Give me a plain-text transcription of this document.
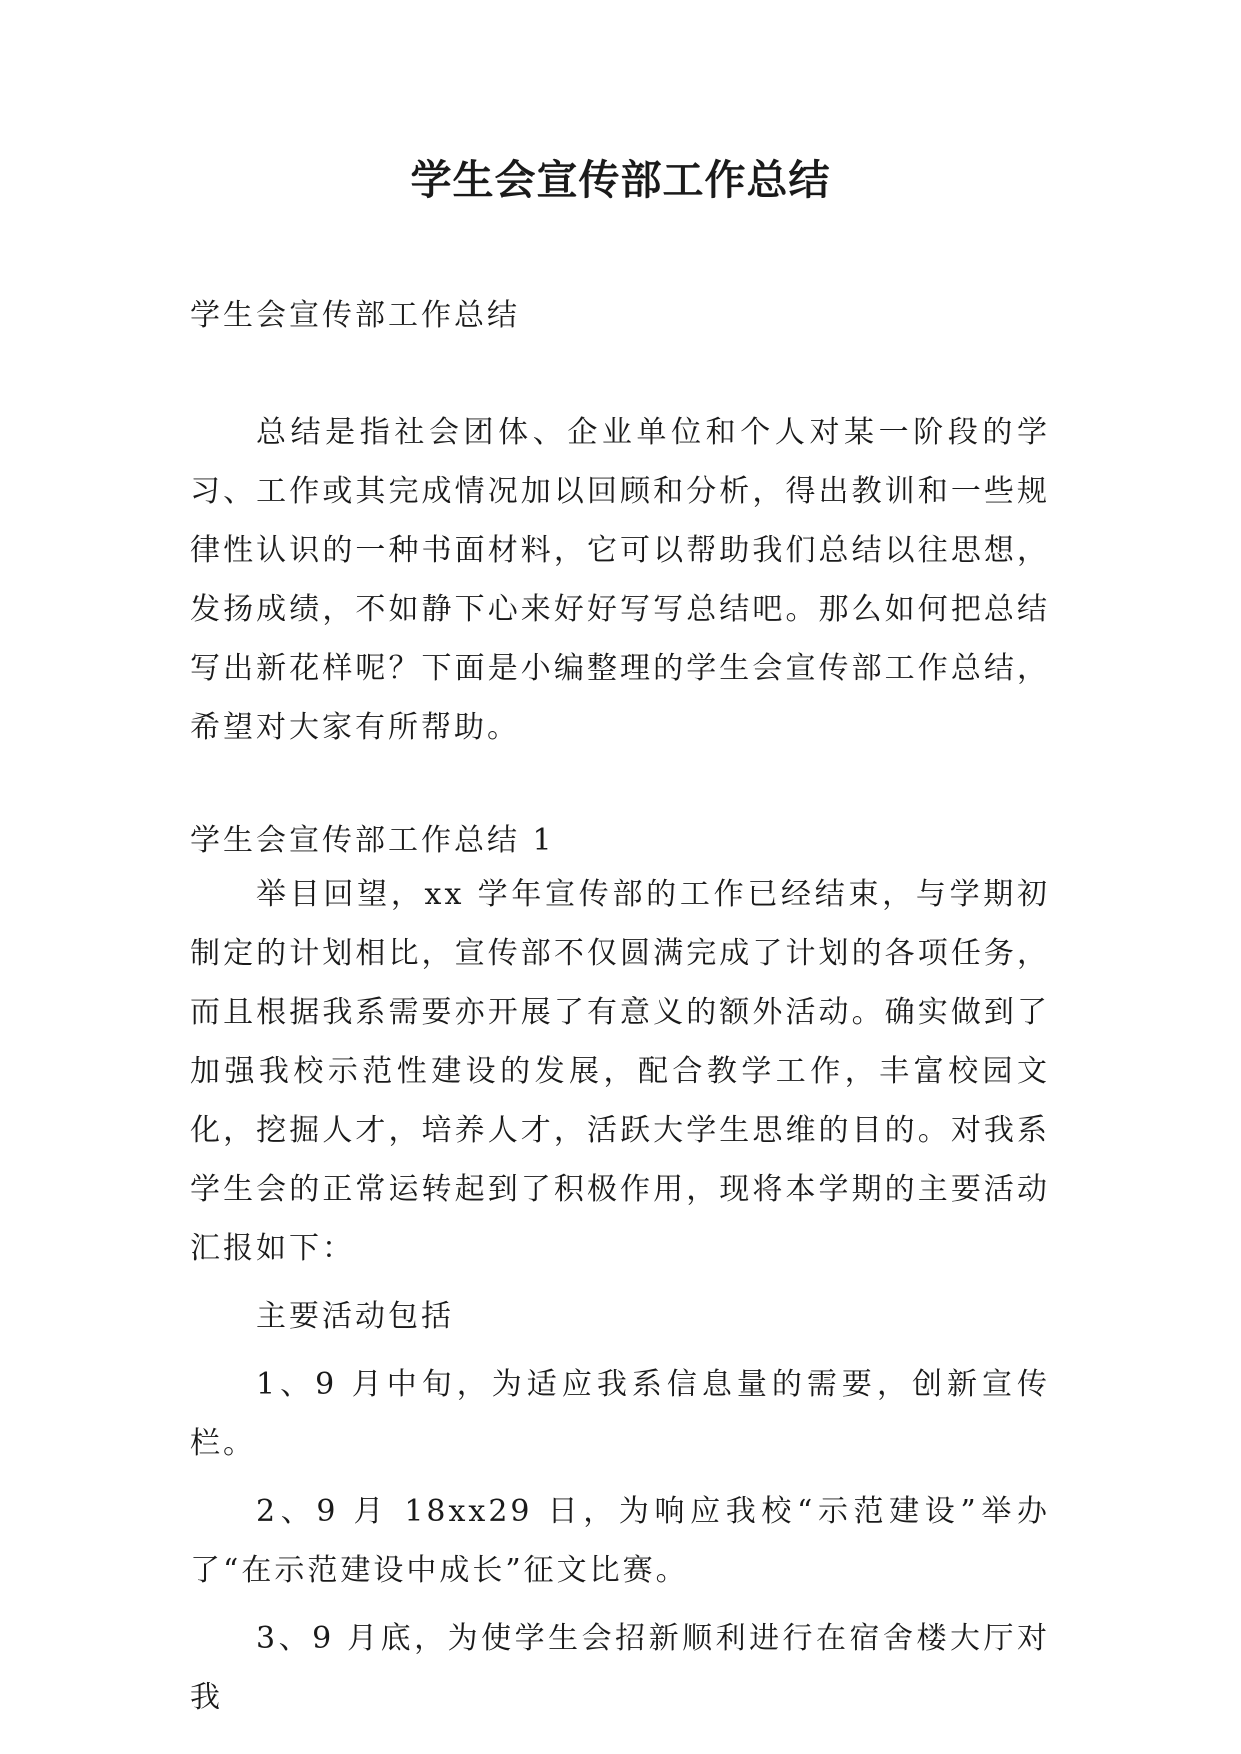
学生会宣传部工作总结

学生会宣传部工作总结

总结是指社会团体、企业单位和个人对某一阶段的学习、工作或其完成情况加以回顾和分析，得出教训和一些规律性认识的一种书面材料，它可以帮助我们总结以往思想，发扬成绩，不如静下心来好好写写总结吧。那么如何把总结写出新花样呢？下面是小编整理的学生会宣传部工作总结，希望对大家有所帮助。

学生会宣传部工作总结 1

举目回望，xx 学年宣传部的工作已经结束，与学期初制定的计划相比，宣传部不仅圆满完成了计划的各项任务，而且根据我系需要亦开展了有意义的额外活动。确实做到了加强我校示范性建设的发展，配合教学工作，丰富校园文化，挖掘人才，培养人才，活跃大学生思维的目的。对我系学生会的正常运转起到了积极作用，现将本学期的主要活动汇报如下：

主要活动包括

1、9 月中旬，为适应我系信息量的需要，创新宣传栏。

2、9 月 18xx29 日，为响应我校“示范建设”举办了“在示范建设中成长”征文比赛。

3、9 月底，为使学生会招新顺利进行在宿舍楼大厅对我
